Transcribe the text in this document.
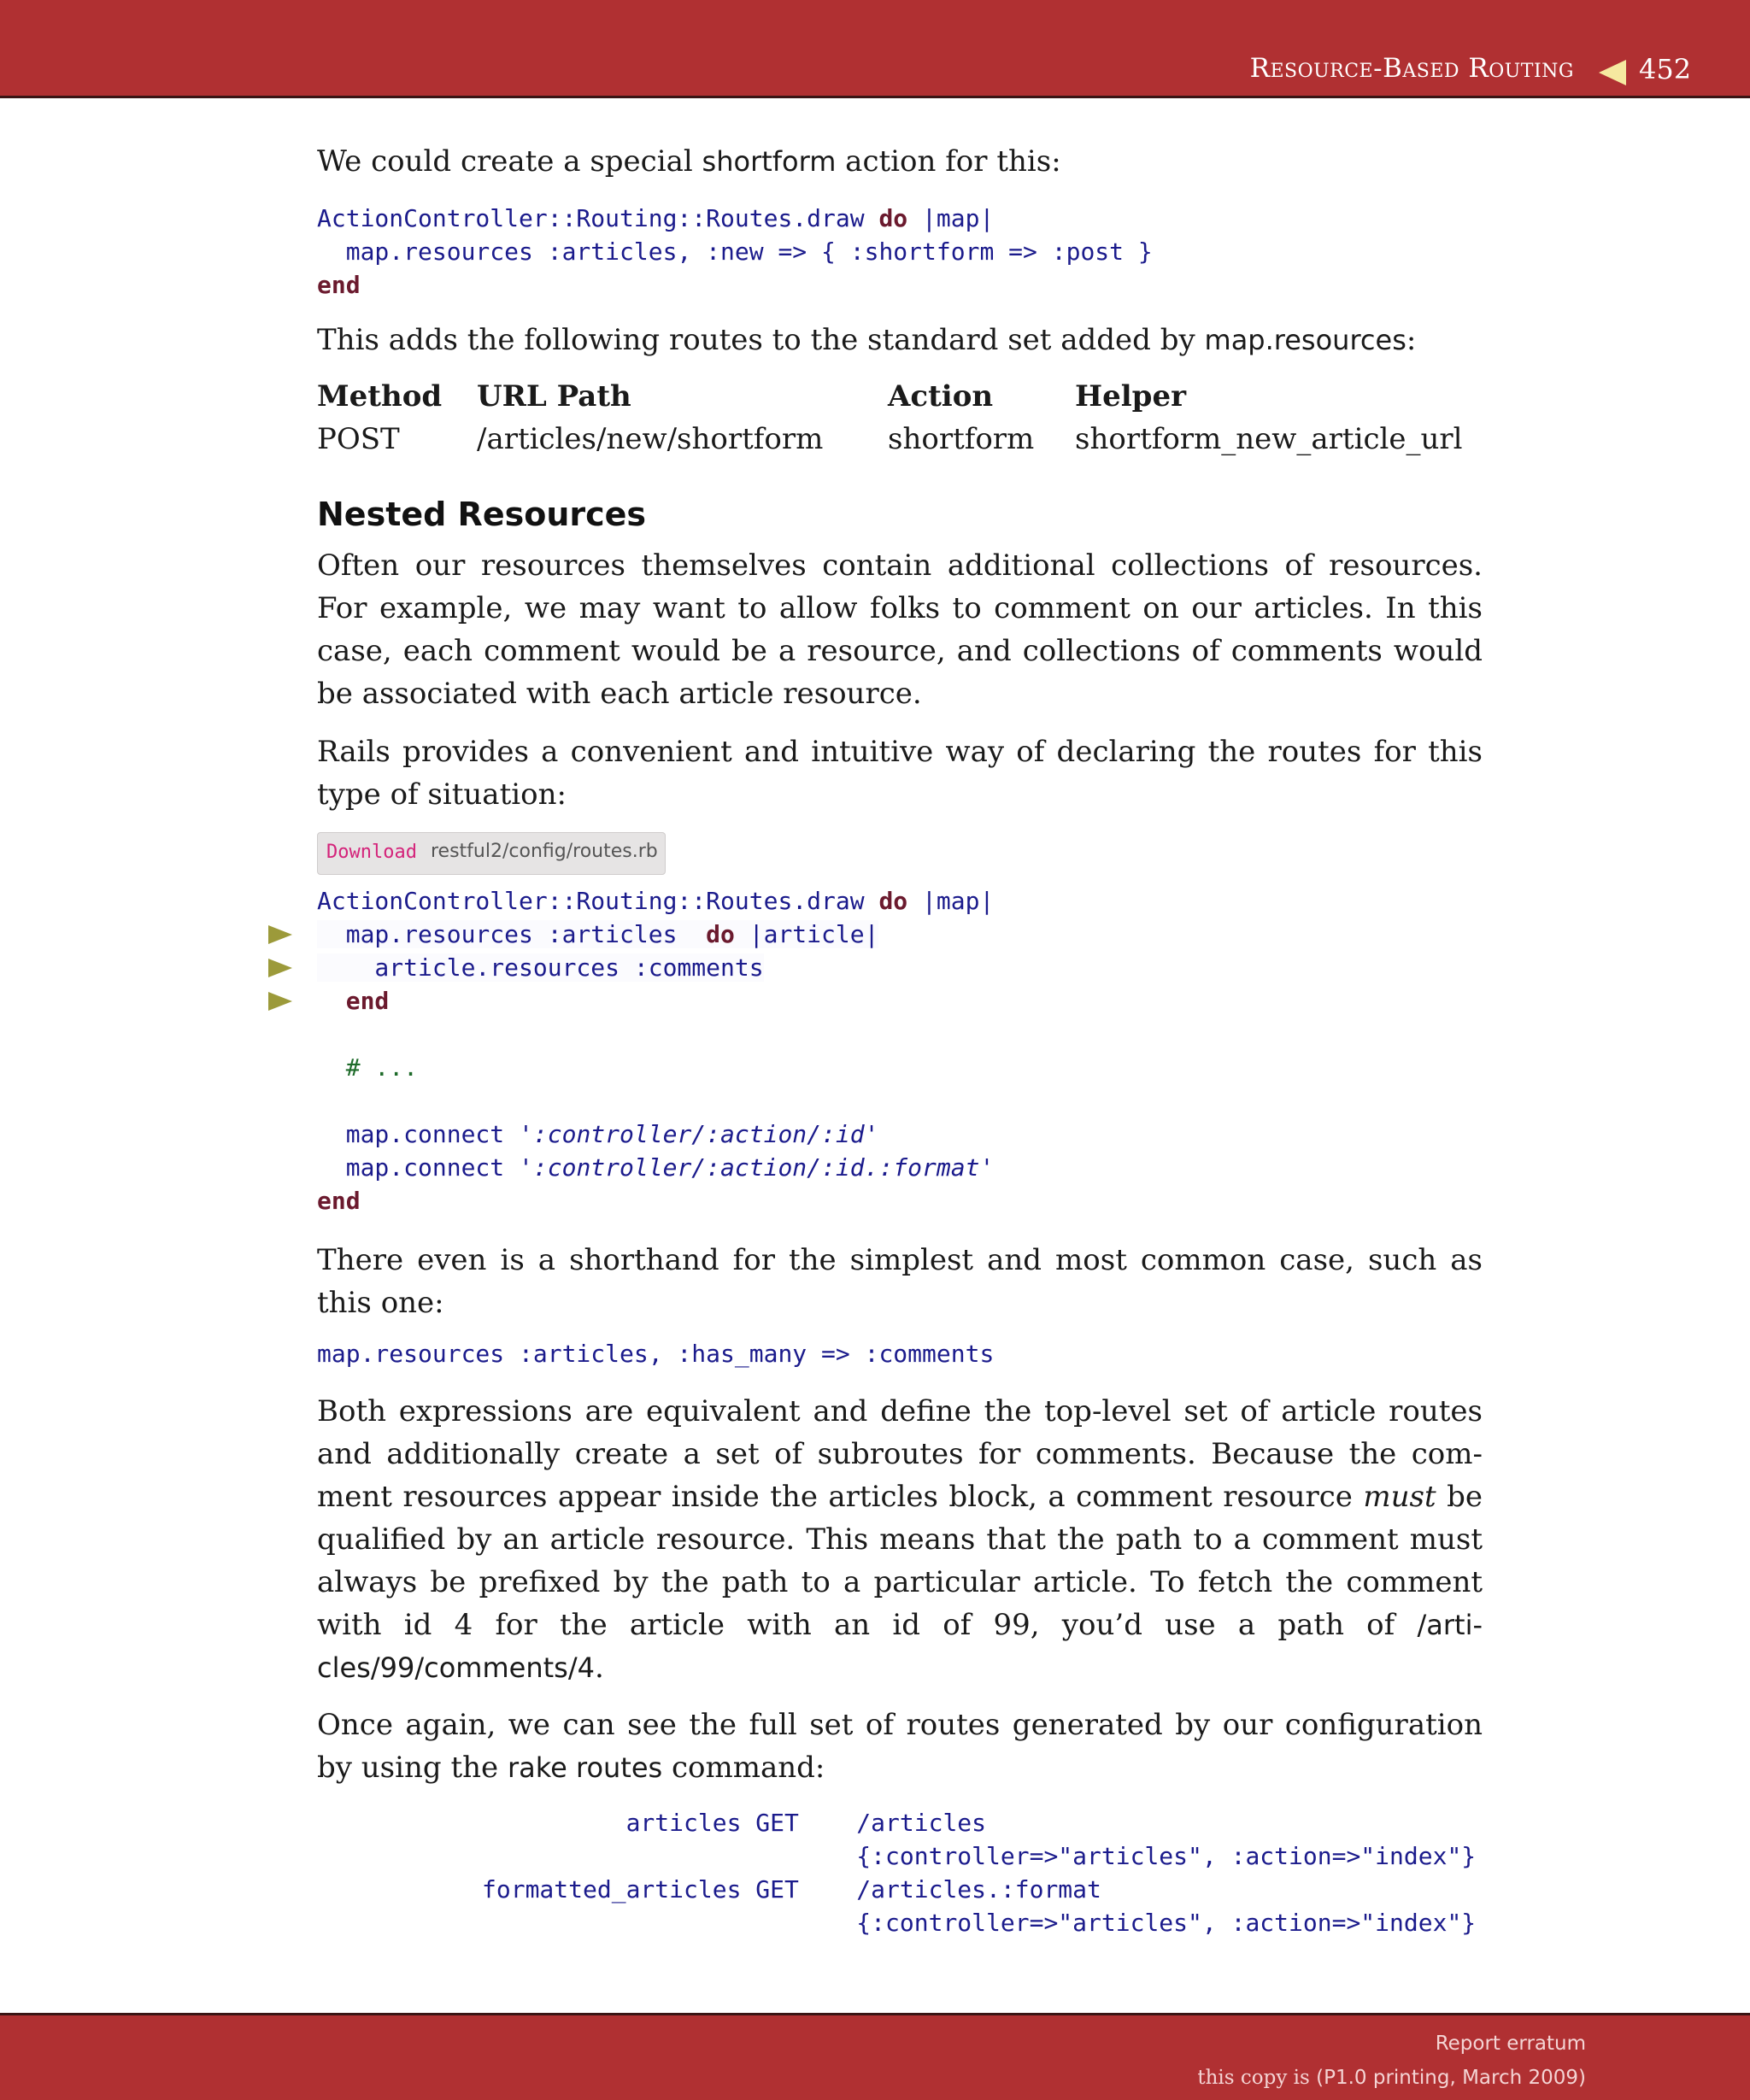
Resource-Based Routing 452

We could create a special shortform action for this:

ActionController::Routing::Routes.draw do |map|
map.resources :articles, :new => { :shortform => :post }
end

This adds the following routes to the standard set added by map.resources:

Method URL Path	Action	Helper
POST	/articles/new/shortform shortform shortform_new_article_url
Nested Resources

Often our resources themselves contain additional collections of resources. For example, we may want to allow folks to comment on our articles. In this case, each comment would be a resource, and collections of comments would be associated with each article resource.

Rails provides a convenient and intuitive way of declaring the routes for this type of situation:

Download restful2/config/routes.rb
ActionController::Routing::Routes.draw do |map|
map.resources :articles  do |article|
article.resources :comments
end

# ...

map.connect ':controller/:action/:id'
map.connect ':controller/:action/:id.:format'
end

There even is a shorthand for the simplest and most common case, such as this one:

map.resources :articles, :has_many => :comments

Both expressions are equivalent and define the top-level set of article routes and additionally create a set of subroutes for comments. Because the com-ment resources appear inside the articles block, a comment resource must be qualified by an article resource. This means that the path to a comment must always be prefixed by the path to a particular article. To fetch the comment with id 4 for the article with an id of 99, you’d use a path of /arti-cles/99/comments/4.

Once again, we can see the full set of routes generated by our configuration by using the rake routes command:

articles GET    /articles
{:controller=>"articles", :action=>"index"}
formatted_articles GET    /articles.:format
{:controller=>"articles", :action=>"index"}
Report erratum
this copy is (P1.0 printing, March 2009)
